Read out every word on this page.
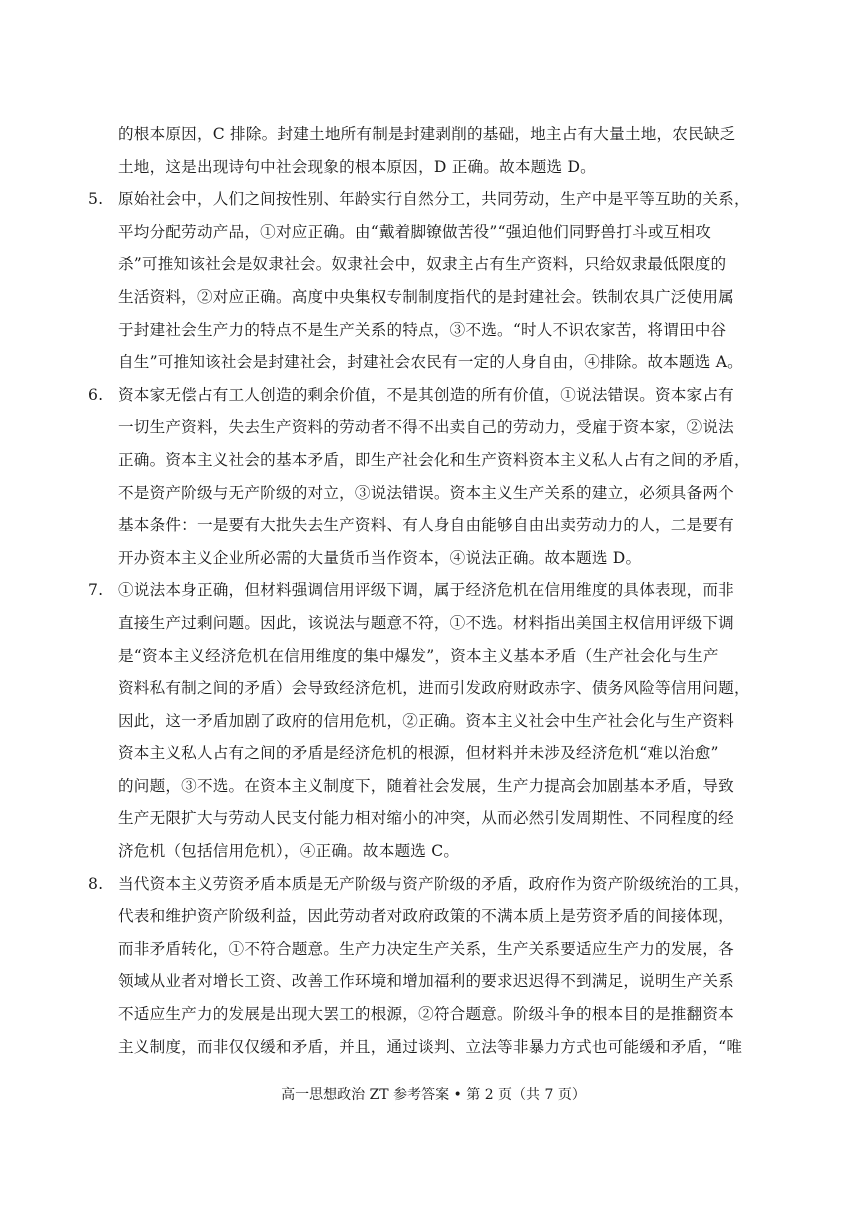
的根本原因，C 排除。封建土地所有制是封建剥削的基础，地主占有大量土地，农民缺乏
土地，这是出现诗句中社会现象的根本原因，D 正确。故本题选 D。
5. 原始社会中，人们之间按性别、年龄实行自然分工，共同劳动，生产中是平等互助的关系，
平均分配劳动产品，①对应正确。由“戴着脚镣做苦役”“强迫他们同野兽打斗或互相攻
杀”可推知该社会是奴隶社会。奴隶社会中，奴隶主占有生产资料，只给奴隶最低限度的
生活资料，②对应正确。高度中央集权专制制度指代的是封建社会。铁制农具广泛使用属
于封建社会生产力的特点不是生产关系的特点，③不选。“时人不识农家苦，将谓田中谷
自生”可推知该社会是封建社会，封建社会农民有一定的人身自由，④排除。故本题选 A。
6. 资本家无偿占有工人创造的剩余价值，不是其创造的所有价值，①说法错误。资本家占有
一切生产资料，失去生产资料的劳动者不得不出卖自己的劳动力，受雇于资本家，②说法
正确。资本主义社会的基本矛盾，即生产社会化和生产资料资本主义私人占有之间的矛盾，
不是资产阶级与无产阶级的对立，③说法错误。资本主义生产关系的建立，必须具备两个
基本条件：一是要有大批失去生产资料、有人身自由能够自由出卖劳动力的人，二是要有
开办资本主义企业所必需的大量货币当作资本，④说法正确。故本题选 D。
7. ①说法本身正确，但材料强调信用评级下调，属于经济危机在信用维度的具体表现，而非
直接生产过剩问题。因此，该说法与题意不符，①不选。材料指出美国主权信用评级下调
是“资本主义经济危机在信用维度的集中爆发”，资本主义基本矛盾（生产社会化与生产
资料私有制之间的矛盾）会导致经济危机，进而引发政府财政赤字、债务风险等信用问题，
因此，这一矛盾加剧了政府的信用危机，②正确。资本主义社会中生产社会化与生产资料
资本主义私人占有之间的矛盾是经济危机的根源，但材料并未涉及经济危机“难以治愈”
的问题，③不选。在资本主义制度下，随着社会发展，生产力提高会加剧基本矛盾，导致
生产无限扩大与劳动人民支付能力相对缩小的冲突，从而必然引发周期性、不同程度的经
济危机（包括信用危机），④正确。故本题选 C。
8. 当代资本主义劳资矛盾本质是无产阶级与资产阶级的矛盾，政府作为资产阶级统治的工具，
代表和维护资产阶级利益，因此劳动者对政府政策的不满本质上是劳资矛盾的间接体现，
而非矛盾转化，①不符合题意。生产力决定生产关系，生产关系要适应生产力的发展，各
领域从业者对增长工资、改善工作环境和增加福利的要求迟迟得不到满足，说明生产关系
不适应生产力的发展是出现大罢工的根源，②符合题意。阶级斗争的根本目的是推翻资本
主义制度，而非仅仅缓和矛盾，并且，通过谈判、立法等非暴力方式也可能缓和矛盾，“唯
高一思想政治 ZT 参考答案 • 第 2 页（共 7 页）
